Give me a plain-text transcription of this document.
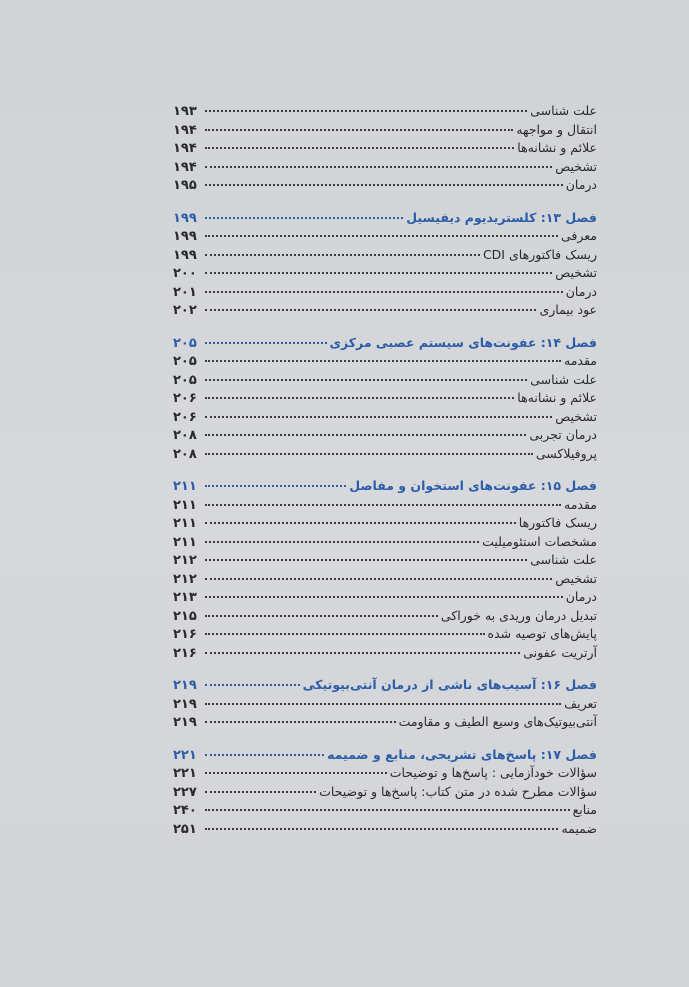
علت شناسی
۱۹۳
انتقال و مواجهه
۱۹۴
علائم و نشانه‌ها
۱۹۴
تشخیص
۱۹۴
درمان
۱۹۵
فصل ۱۳: کلستریدیوم دیفیسیل
۱۹۹
معرفی
۱۹۹
ریسک فاکتورهای CDI
۱۹۹
تشخیص
۲۰۰
درمان
۲۰۱
عود بیماری
۲۰۲
فصل ۱۴: عفونت‌های سیستم عصبی مرکزی
۲۰۵
مقدمه
۲۰۵
علت شناسی
۲۰۵
علائم و نشانه‌ها
۲۰۶
تشخیص
۲۰۶
درمان تجربی
۲۰۸
پروفیلاکسی
۲۰۸
فصل ۱۵: عفونت‌های استخوان و مفاصل
۲۱۱
مقدمه
۲۱۱
ریسک فاکتورها
۲۱۱
مشخصات استئومیلیت
۲۱۱
علت شناسی
۲۱۲
تشخیص
۲۱۲
درمان
۲۱۳
تبدیل درمان وریدی به خوراکی
۲۱۵
پایش‌های توصیه شده
۲۱۶
آرتریت عفونی
۲۱۶
فصل ۱۶: آسیب‌های ناشی از درمان آنتی‌بیوتیکی
۲۱۹
تعریف
۲۱۹
آنتی‌بیوتیک‌های وسیع الطیف و مقاومت
۲۱۹
فصل ۱۷: پاسخ‌های تشریحی، منابع و ضمیمه
۲۲۱
سؤالات خودآزمایی : پاسخ‌ها و توضیحات
۲۲۱
سؤالات مطرح شده در متن کتاب: پاسخ‌ها و توضیحات
۲۲۷
منابع
۲۴۰
ضمیمه
۲۵۱
